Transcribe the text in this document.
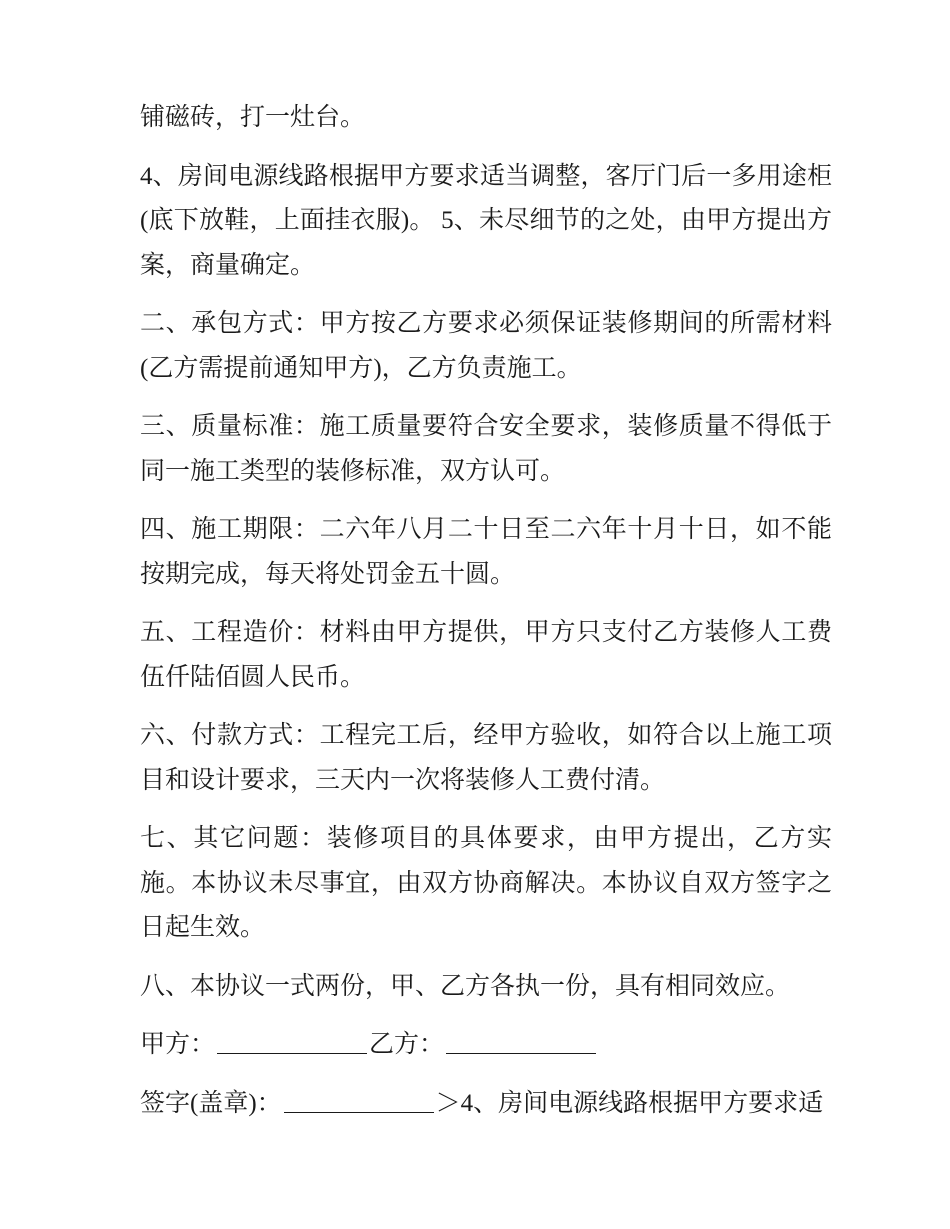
铺磁砖，打一灶台。

4、房间电源线路根据甲方要求适当调整，客厅门后一多用途柜(底下放鞋，上面挂衣服)。 5、未尽细节的之处，由甲方提出方案，商量确定。

二、承包方式：甲方按乙方要求必须保证装修期间的所需材料(乙方需提前通知甲方)，乙方负责施工。

三、质量标准：施工质量要符合安全要求，装修质量不得低于同一施工类型的装修标准，双方认可。

四、施工期限：二六年八月二十日至二六年十月十日，如不能按期完成，每天将处罚金五十圆。

五、工程造价：材料由甲方提供，甲方只支付乙方装修人工费伍仟陆佰圆人民币。

六、付款方式：工程完工后，经甲方验收，如符合以上施工项目和设计要求，三天内一次将装修人工费付清。

七、其它问题：装修项目的具体要求，由甲方提出，乙方实施。本协议未尽事宜，由双方协商解决。本协议自双方签字之日起生效。

八、本协议一式两份，甲、乙方各执一份，具有相同效应。

甲方：	乙方：

签字(盖章)：	＞4、房间电源线路根据甲方要求适
